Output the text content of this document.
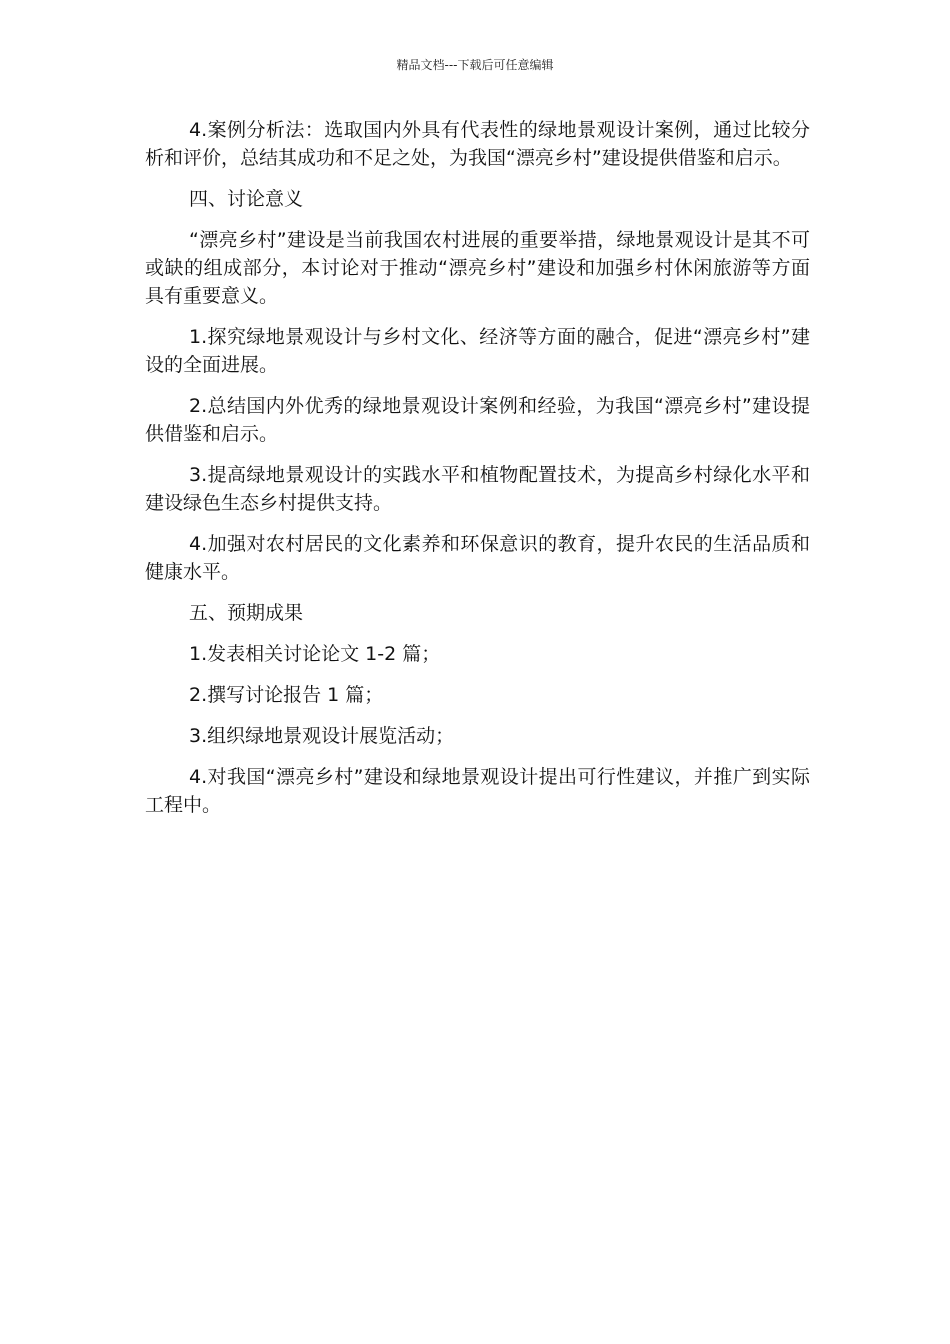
精品文档---下载后可任意编辑

4.案例分析法：选取国内外具有代表性的绿地景观设计案例，通过比较分析和评价，总结其成功和不足之处，为我国“漂亮乡村”建设提供借鉴和启示。

四、讨论意义

“漂亮乡村”建设是当前我国农村进展的重要举措，绿地景观设计是其不可或缺的组成部分，本讨论对于推动“漂亮乡村”建设和加强乡村休闲旅游等方面具有重要意义。

1.探究绿地景观设计与乡村文化、经济等方面的融合，促进“漂亮乡村”建设的全面进展。

2.总结国内外优秀的绿地景观设计案例和经验，为我国“漂亮乡村”建设提供借鉴和启示。

3.提高绿地景观设计的实践水平和植物配置技术，为提高乡村绿化水平和建设绿色生态乡村提供支持。

4.加强对农村居民的文化素养和环保意识的教育，提升农民的生活品质和健康水平。

五、预期成果

1.发表相关讨论论文 1-2 篇；

2.撰写讨论报告 1 篇；

3.组织绿地景观设计展览活动；

4.对我国“漂亮乡村”建设和绿地景观设计提出可行性建议，并推广到实际工程中。
